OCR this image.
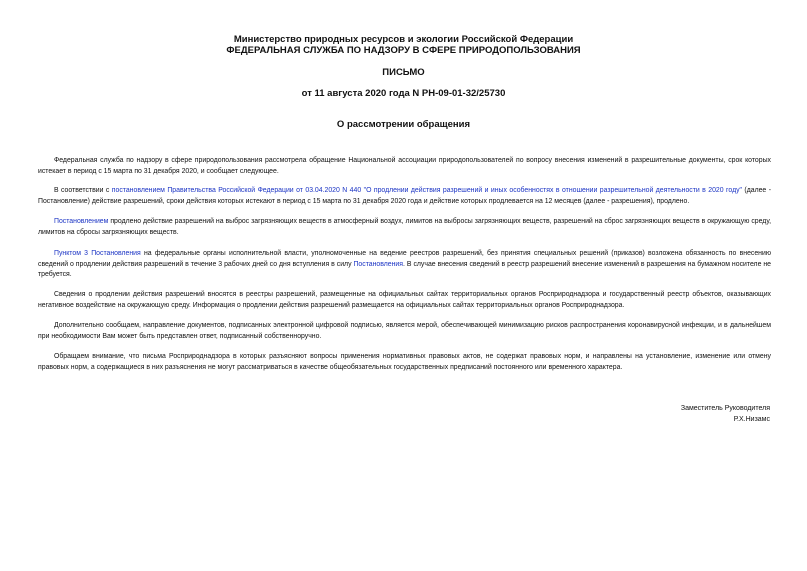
Министерство природных ресурсов и экологии Российской Федерации
ФЕДЕРАЛЬНАЯ СЛУЖБА ПО НАДЗОРУ В СФЕРЕ ПРИРОДОПОЛЬЗОВАНИЯ
ПИСЬМО
от 11 августа 2020 года N РН-09-01-32/25730
О рассмотрении обращения

Федеральная служба по надзору в сфере природопользования рассмотрела обращение Национальной ассоциации природопользователей по вопросу внесения изменений в разрешительные документы, срок которых истекает в период с 15 марта по 31 декабря 2020, и сообщает следующее.

В соответствии с постановлением Правительства Российской Федерации от 03.04.2020 N 440 "О продлении действия разрешений и иных особенностях в отношении разрешительной деятельности в 2020 году" (далее - Постановление) действие разрешений, сроки действия которых истекают в период с 15 марта по 31 декабря 2020 года и действие которых продлевается на 12 месяцев (далее - разрешения), продлено.

Постановлением продлено действие разрешений на выброс загрязняющих веществ в атмосферный воздух, лимитов на выбросы загрязняющих веществ, разрешений на сброс загрязняющих веществ в окружающую среду, лимитов на сбросы загрязняющих веществ.

Пунктом 3 Постановления на федеральные органы исполнительной власти, уполномоченные на ведение реестров разрешений, без принятия специальных решений (приказов) возложена обязанность по внесению сведений о продлении действия разрешений в течение 3 рабочих дней со дня вступления в силу Постановления. В случае внесения сведений в реестр разрешений внесение изменений в разрешения на бумажном носителе не требуется.

Сведения о продлении действия разрешений вносятся в реестры разрешений, размещенные на официальных сайтах территориальных органов Росприроднадзора и государственный реестр объектов, оказывающих негативное воздействие на окружающую среду. Информация о продлении действия разрешений размещается на официальных сайтах территориальных органов Росприроднадзора.

Дополнительно сообщаем, направление документов, подписанных электронной цифровой подписью, является мерой, обеспечивающей минимизацию рисков распространения коронавирусной инфекции, и в дальнейшем при необходимости Вам может быть представлен ответ, подписанный собственноручно.

Обращаем внимание, что письма Росприроднадзора в которых разъясняют вопросы применения нормативных правовых актов, не содержат правовых норм, и направлены на установление, изменение или отмену правовых норм, а содержащиеся в них разъяснения не могут рассматриваться в качестве общеобязательных государственных предписаний постоянного или временного характера.

Заместитель Руководителя
Р.Х.Низамс
